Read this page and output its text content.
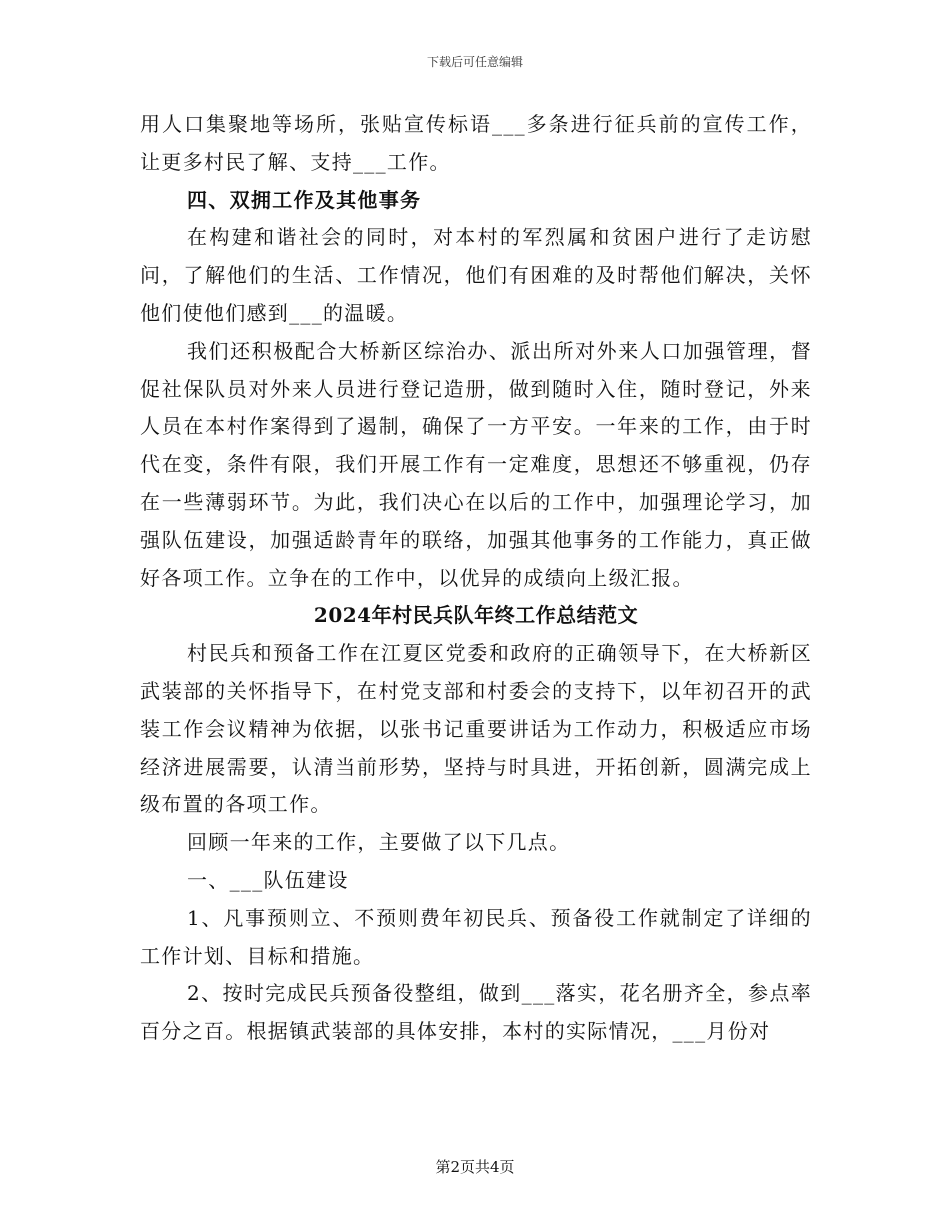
下载后可任意编辑

用人口集聚地等场所，张贴宣传标语___多条进行征兵前的宣传工作，让更多村民了解、支持___工作。

四、双拥工作及其他事务

在构建和谐社会的同时，对本村的军烈属和贫困户进行了走访慰问，了解他们的生活、工作情况，他们有困难的及时帮他们解决，关怀他们使他们感到___的温暖。

我们还积极配合大桥新区综治办、派出所对外来人口加强管理，督促社保队员对外来人员进行登记造册，做到随时入住，随时登记，外来人员在本村作案得到了遏制，确保了一方平安。一年来的工作，由于时代在变，条件有限，我们开展工作有一定难度，思想还不够重视，仍存在一些薄弱环节。为此，我们决心在以后的工作中，加强理论学习，加强队伍建设，加强适龄青年的联络，加强其他事务的工作能力，真正做好各项工作。立争在的工作中，以优异的成绩向上级汇报。

2024年村民兵队年终工作总结范文

村民兵和预备工作在江夏区党委和政府的正确领导下，在大桥新区武装部的关怀指导下，在村党支部和村委会的支持下，以年初召开的武装工作会议精神为依据，以张书记重要讲话为工作动力，积极适应市场经济进展需要，认清当前形势，坚持与时具进，开拓创新，圆满完成上级布置的各项工作。

回顾一年来的工作，主要做了以下几点。

一、___队伍建设

1、凡事预则立、不预则费年初民兵、预备役工作就制定了详细的工作计划、目标和措施。

2、按时完成民兵预备役整组，做到___落实，花名册齐全，参点率百分之百。根据镇武装部的具体安排，本村的实际情况，___月份对

第2页共4页
